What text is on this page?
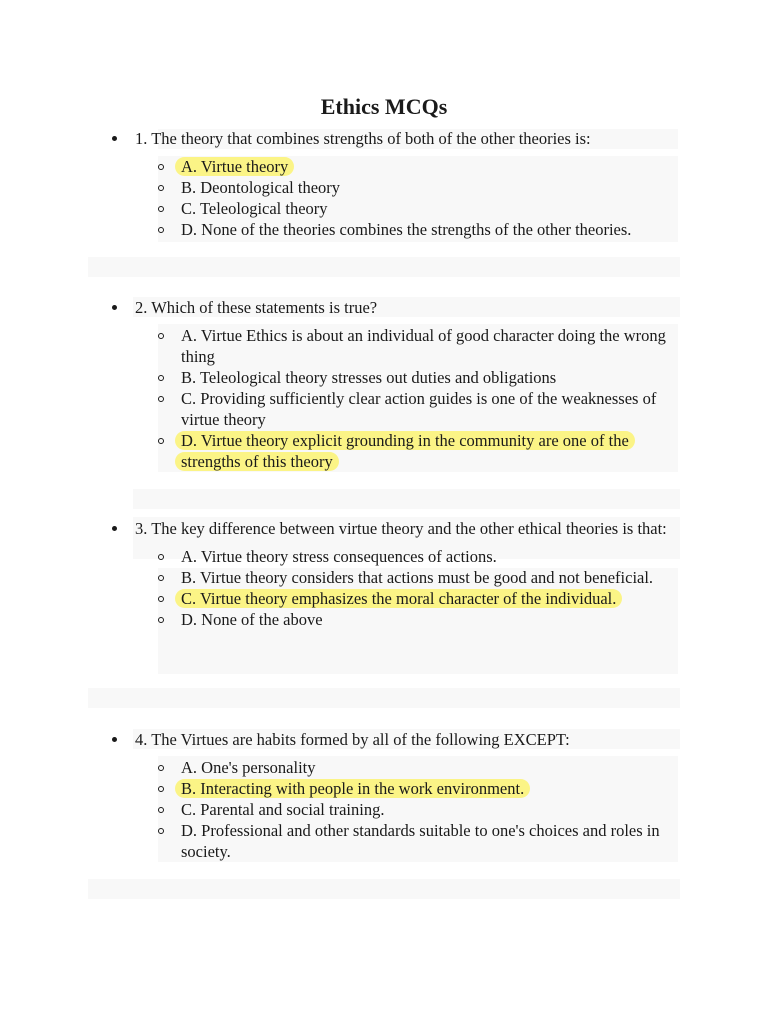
Ethics MCQs
1. The theory that combines strengths of both of the other theories is:
A. Virtue theory
B. Deontological theory
C. Teleological theory
D. None of the theories combines the strengths of the other theories.
2. Which of these statements is true?
A. Virtue Ethics is about an individual of good character doing the wrong thing
B. Teleological theory stresses out duties and obligations
C. Providing sufficiently clear action guides is one of the weaknesses of virtue theory
D. Virtue theory explicit grounding in the community are one of the strengths of this theory
3. The key difference between virtue theory and the other ethical theories is that:
A. Virtue theory stress consequences of actions.
B. Virtue theory considers that actions must be good and not beneficial.
C. Virtue theory emphasizes the moral character of the individual.
D. None of the above
4. The Virtues are habits formed by all of the following EXCEPT:
A. One's personality
B. Interacting with people in the work environment.
C. Parental and social training.
D. Professional and other standards suitable to one's choices and roles in society.
